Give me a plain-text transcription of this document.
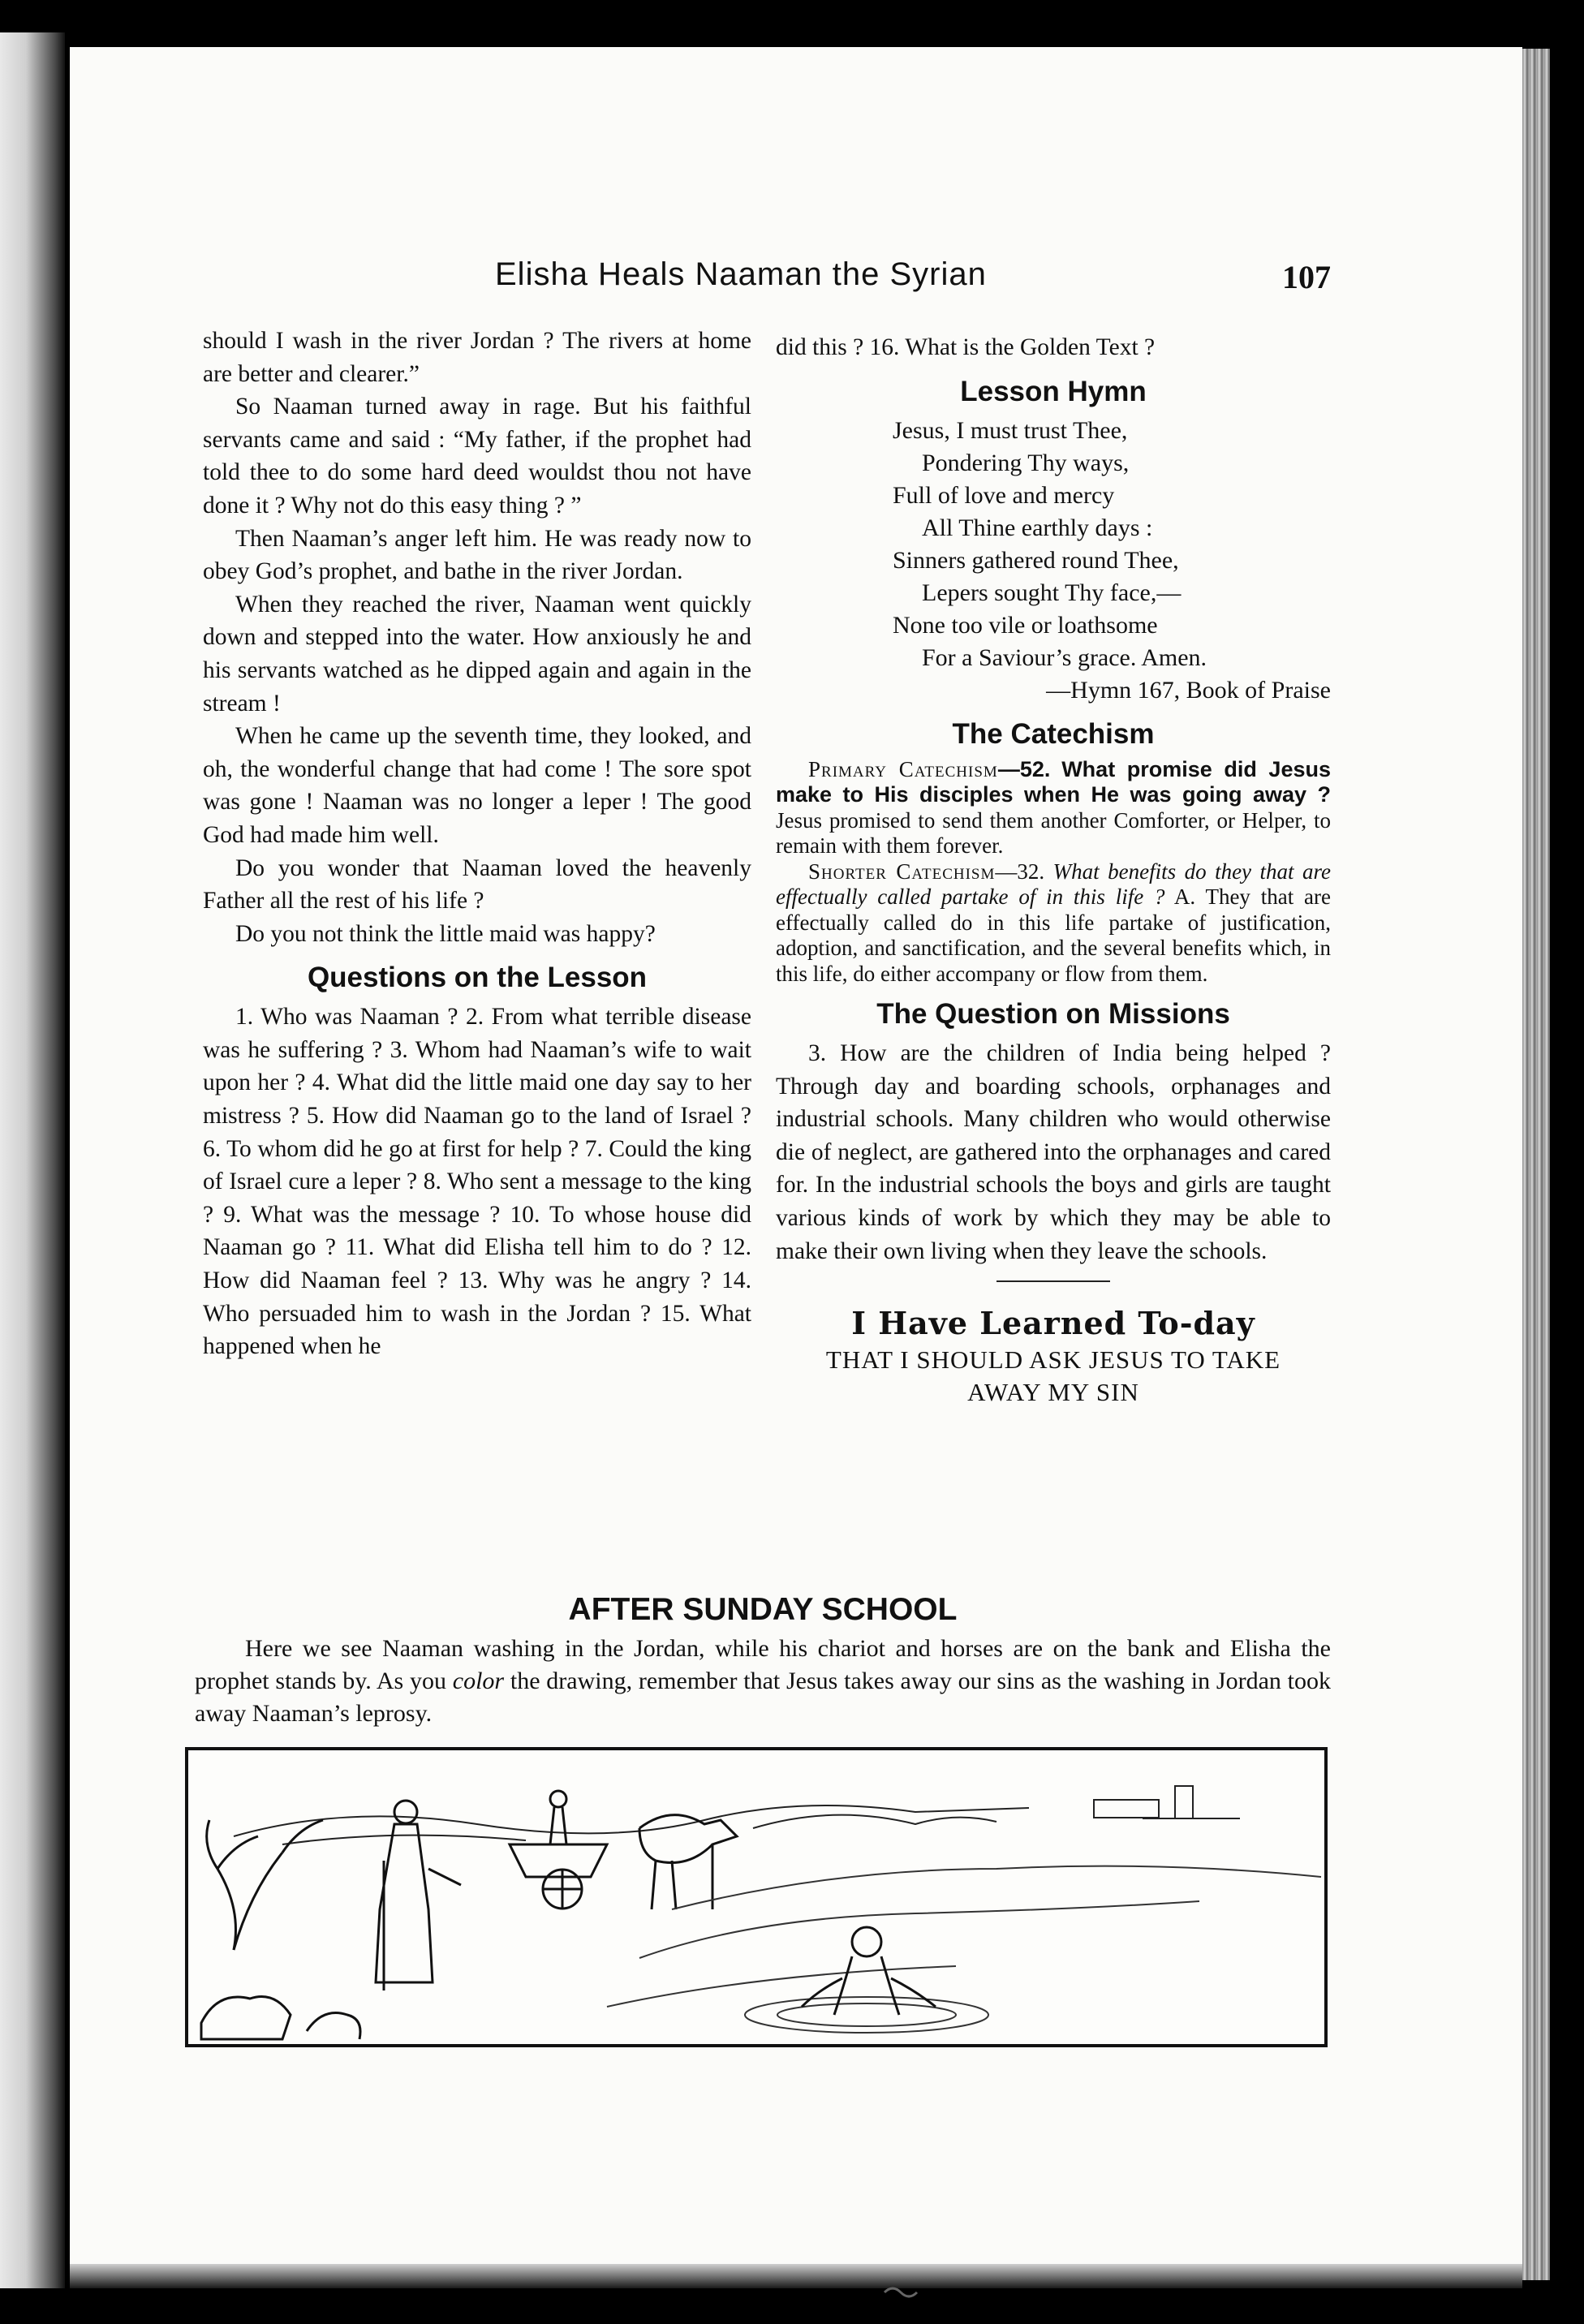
Elisha Heals Naaman the Syrian	107

should I wash in the river Jordan ? The rivers at home are better and clearer.”

So Naaman turned away in rage. But his faithful servants came and said : “My father, if the prophet had told thee to do some hard deed wouldst thou not have done it ? Why not do this easy thing ? ”

Then Naaman’s anger left him. He was ready now to obey God’s prophet, and bathe in the river Jordan.

When they reached the river, Naaman went quickly down and stepped into the water. How anxiously he and his servants watched as he dipped again and again in the stream !

When he came up the seventh time, they looked, and oh, the wonderful change that had come ! The sore spot was gone ! Naaman was no longer a leper ! The good God had made him well.

Do you wonder that Naaman loved the heavenly Father all the rest of his life ?

Do you not think the little maid was happy?

Questions on the Lesson

1. Who was Naaman ? 2. From what terrible disease was he suffering ? 3. Whom had Naaman’s wife to wait upon her ? 4. What did the little maid one day say to her mistress ? 5. How did Naaman go to the land of Israel ? 6. To whom did he go at first for help ? 7. Could the king of Israel cure a leper ? 8. Who sent a message to the king ? 9. What was the message ? 10. To whose house did Naaman go ? 11. What did Elisha tell him to do ? 12. How did Naaman feel ? 13. Why was he angry ? 14. Who persuaded him to wash in the Jordan ? 15. What happened when he

did this ? 16. What is the Golden Text ?

Lesson Hymn
Jesus, I must trust Thee,
Pondering Thy ways,
Full of love and mercy
All Thine earthly days :
Sinners gathered round Thee,
Lepers sought Thy face,—
None too vile or loathsome
For a Saviour’s grace. Amen.
—Hymn 167, Book of Praise
The Catechism

Primary Catechism—52. What promise did Jesus make to His disciples when He was going away ? Jesus promised to send them another Comforter, or Helper, to remain with them forever.

Shorter Catechism—32. What benefits do they that are effectually called partake of in this life ? A. They that are effectually called do in this life partake of justification, adoption, and sanctification, and the several benefits which, in this life, do either accompany or flow from them.

The Question on Missions

3. How are the children of India being helped ? Through day and boarding schools, orphanages and industrial schools. Many children who would otherwise die of neglect, are gathered into the orphanages and cared for. In the industrial schools the boys and girls are taught various kinds of work by which they may be able to make their own living when they leave the schools.

I Have Learned To-day
THAT I SHOULD ASK JESUS TO TAKE
AWAY MY SIN
AFTER SUNDAY SCHOOL

Here we see Naaman washing in the Jordan, while his chariot and horses are on the bank and Elisha the prophet stands by. As you color the drawing, remember that Jesus takes away our sins as the washing in Jordan took away Naaman’s leprosy.
